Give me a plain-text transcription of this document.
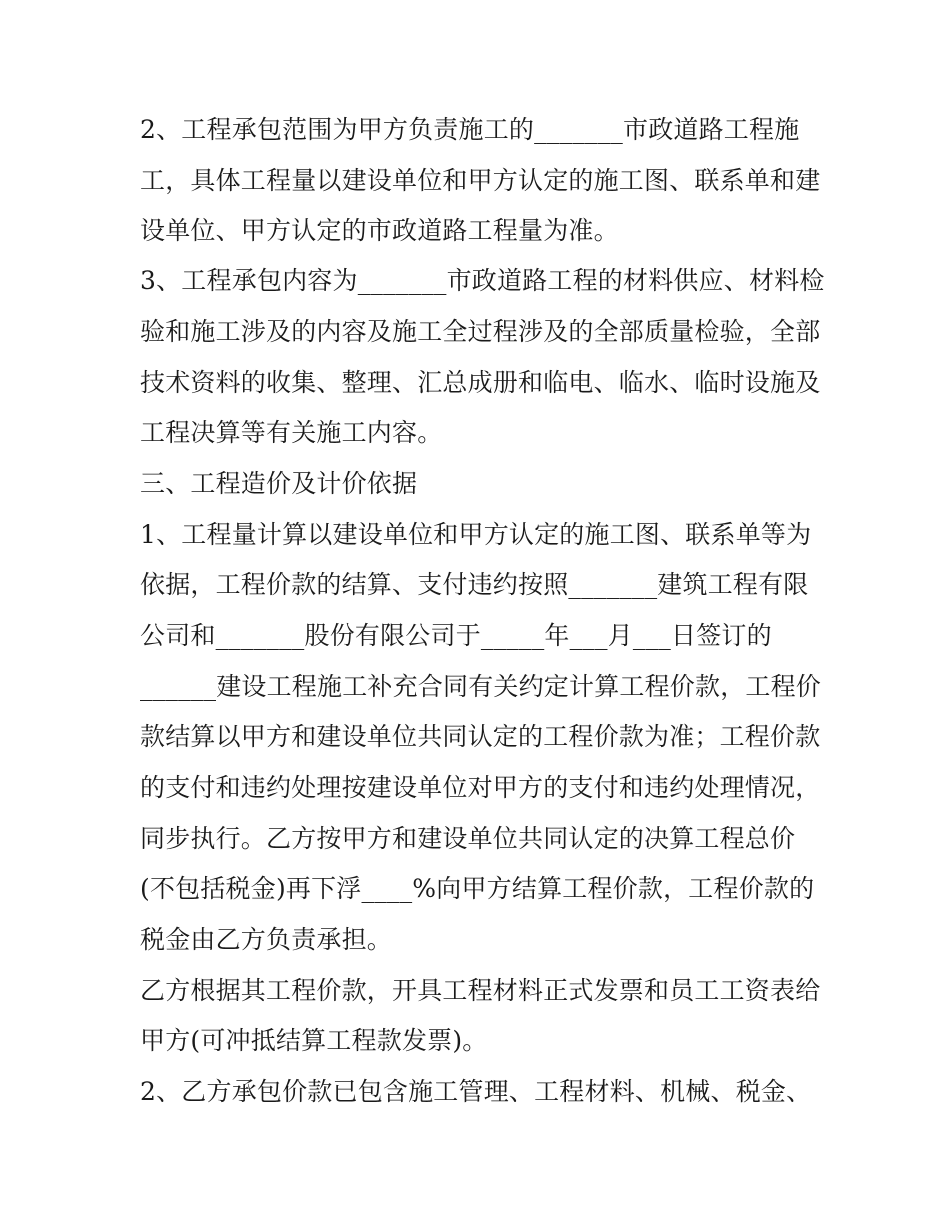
2、工程承包范围为甲方负责施工的_______市政道路工程施
工，具体工程量以建设单位和甲方认定的施工图、联系单和建
设单位、甲方认定的市政道路工程量为准。
3、工程承包内容为_______市政道路工程的材料供应、材料检
验和施工涉及的内容及施工全过程涉及的全部质量检验，全部
技术资料的收集、整理、汇总成册和临电、临水、临时设施及
工程决算等有关施工内容。
三、工程造价及计价依据
1、工程量计算以建设单位和甲方认定的施工图、联系单等为
依据，工程价款的结算、支付违约按照_______建筑工程有限
公司和_______股份有限公司于_____年___月___日签订的
______建设工程施工补充合同有关约定计算工程价款，工程价
款结算以甲方和建设单位共同认定的工程价款为准；工程价款
的支付和违约处理按建设单位对甲方的支付和违约处理情况，
同步执行。乙方按甲方和建设单位共同认定的决算工程总价
(不包括税金)再下浮____%向甲方结算工程价款，工程价款的
税金由乙方负责承担。
乙方根据其工程价款，开具工程材料正式发票和员工工资表给
甲方(可冲抵结算工程款发票)。
2、乙方承包价款已包含施工管理、工程材料、机械、税金、
